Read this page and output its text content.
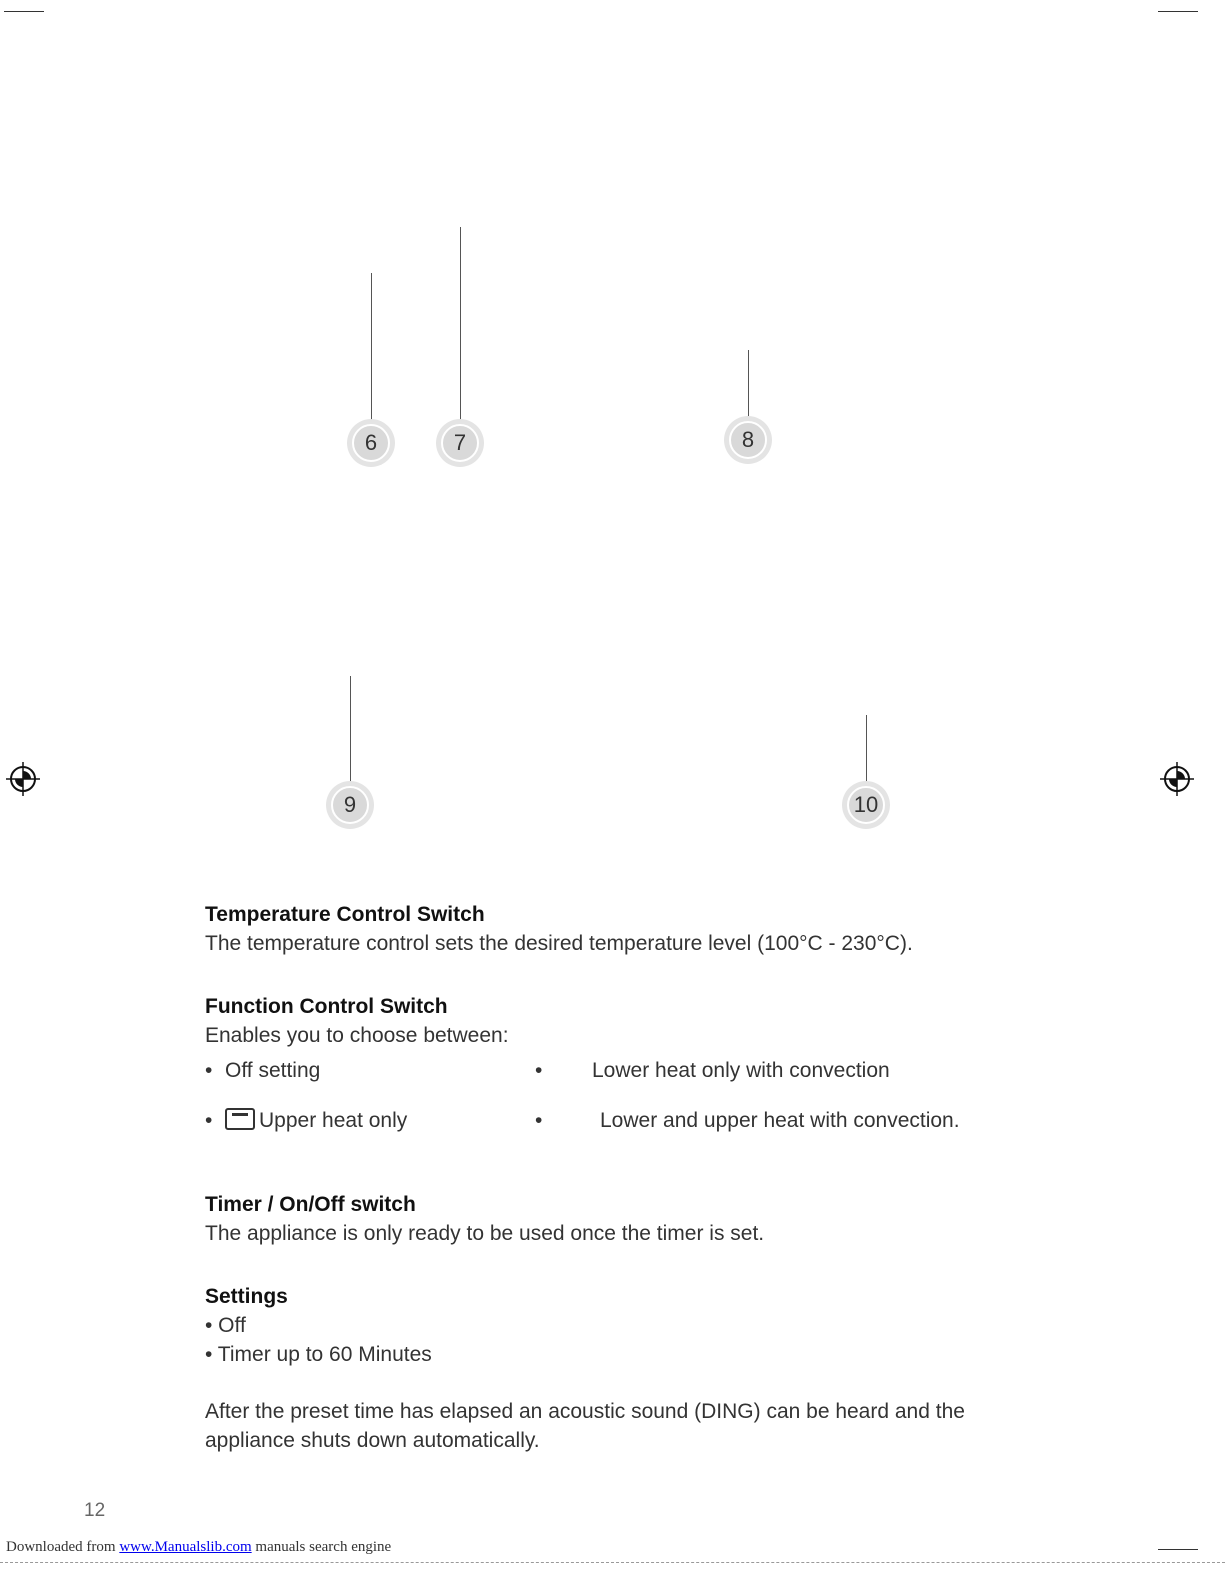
6	7	8
9	10

Temperature Control Switch

The temperature control sets the desired temperature level (100°C - 230°C).

Function Control Switch

Enables you to choose between:

• Off setting
• Upper heat only
• Lower heat only with convection
•	Lower and upper heat with convection.

Timer / On/Off switch

The appliance is only ready to be used once the timer is set.

Settings

• Off

• Timer up to 60 Minutes

After the preset time has elapsed an acoustic sound (DING) can be heard and the appliance shuts down automatically.

12
Downloaded from www.Manualslib.com manuals search engine
